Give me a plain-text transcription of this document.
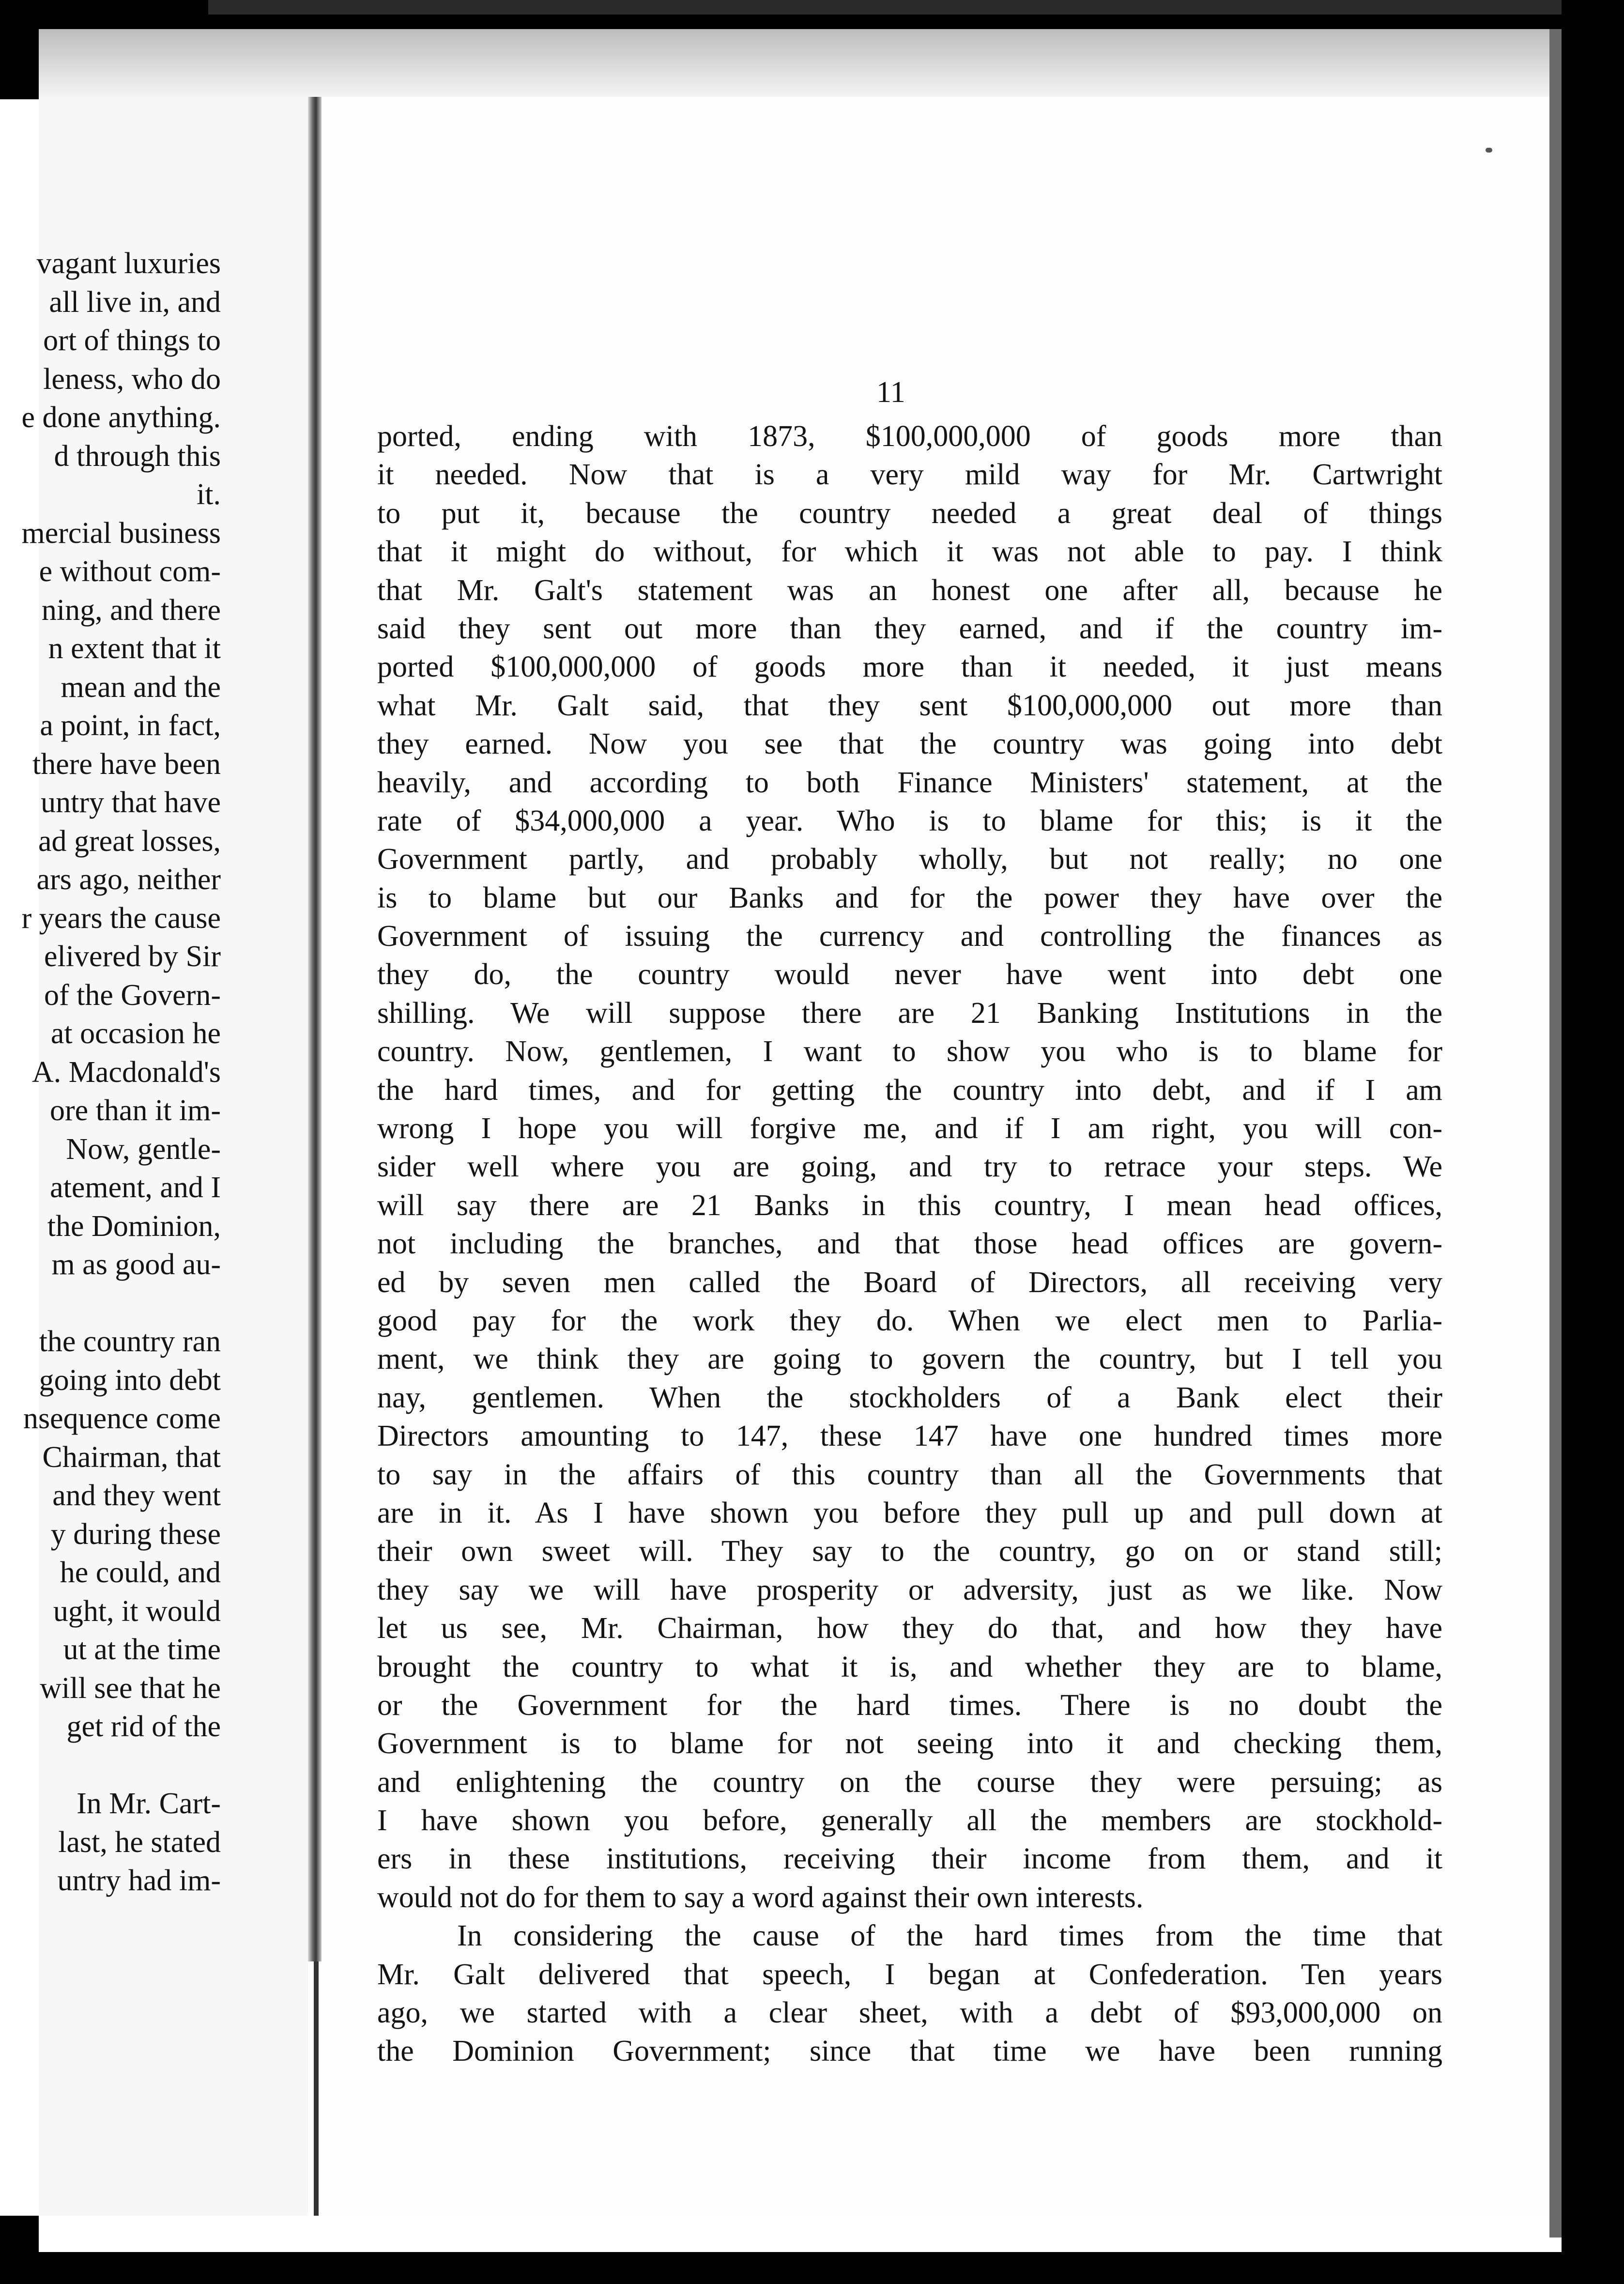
vagant luxuries
all live in, and
ort of things to
leness, who do
e done anything.
d through this
it.
mercial business
e without com-
ning, and there
n extent that it
mean and the
a point, in fact,
there have been
untry that have
ad great losses,
ars ago, neither
r years the cause
elivered by Sir
of the Govern-
at occasion he
A. Macdonald's
ore than it im-
Now, gentle-
atement, and I
the Dominion,
m as good au-
the country ran
going into debt
nsequence come
Chairman, that
and they went
y during these
he could, and
ught, it would
ut at the time
will see that he
get rid of the
In Mr. Cart-
last, he stated
untry had im-
11
ported, ending with 1873, $100,000,000 of goods more than
it needed. Now that is a very mild way for Mr. Cartwright
to put it, because the country needed a great deal of things
that it might do without, for which it was not able to pay. I think
that Mr. Galt's statement was an honest one after all, because he
said they sent out more than they earned, and if the country im-
ported $100,000,000 of goods more than it needed, it just means
what Mr. Galt said, that they sent $100,000,000 out more than
they earned. Now you see that the country was going into debt
heavily, and according to both Finance Ministers' statement, at the
rate of $34,000,000 a year. Who is to blame for this; is it the
Government partly, and probably wholly, but not really; no one
is to blame but our Banks and for the power they have over the
Government of issuing the currency and controlling the finances as
they do, the country would never have went into debt one
shilling. We will suppose there are 21 Banking Institutions in the
country. Now, gentlemen, I want to show you who is to blame for
the hard times, and for getting the country into debt, and if I am
wrong I hope you will forgive me, and if I am right, you will con-
sider well where you are going, and try to retrace your steps. We
will say there are 21 Banks in this country, I mean head offices,
not including the branches, and that those head offices are govern-
ed by seven men called the Board of Directors, all receiving very
good pay for the work they do. When we elect men to Parlia-
ment, we think they are going to govern the country, but I tell you
nay, gentlemen. When the stockholders of a Bank elect their
Directors amounting to 147, these 147 have one hundred times more
to say in the affairs of this country than all the Governments that
are in it. As I have shown you before they pull up and pull down at
their own sweet will. They say to the country, go on or stand still;
they say we will have prosperity or adversity, just as we like. Now
let us see, Mr. Chairman, how they do that, and how they have
brought the country to what it is, and whether they are to blame,
or the Government for the hard times. There is no doubt the
Government is to blame for not seeing into it and checking them,
and enlightening the country on the course they were persuing; as
I have shown you before, generally all the members are stockhold-
ers in these institutions, receiving their income from them, and it
would not do for them to say a word against their own interests.
In considering the cause of the hard times from the time that
Mr. Galt delivered that speech, I began at Confederation. Ten years
ago, we started with a clear sheet, with a debt of $93,000,000 on
the Dominion Government; since that time we have been running
